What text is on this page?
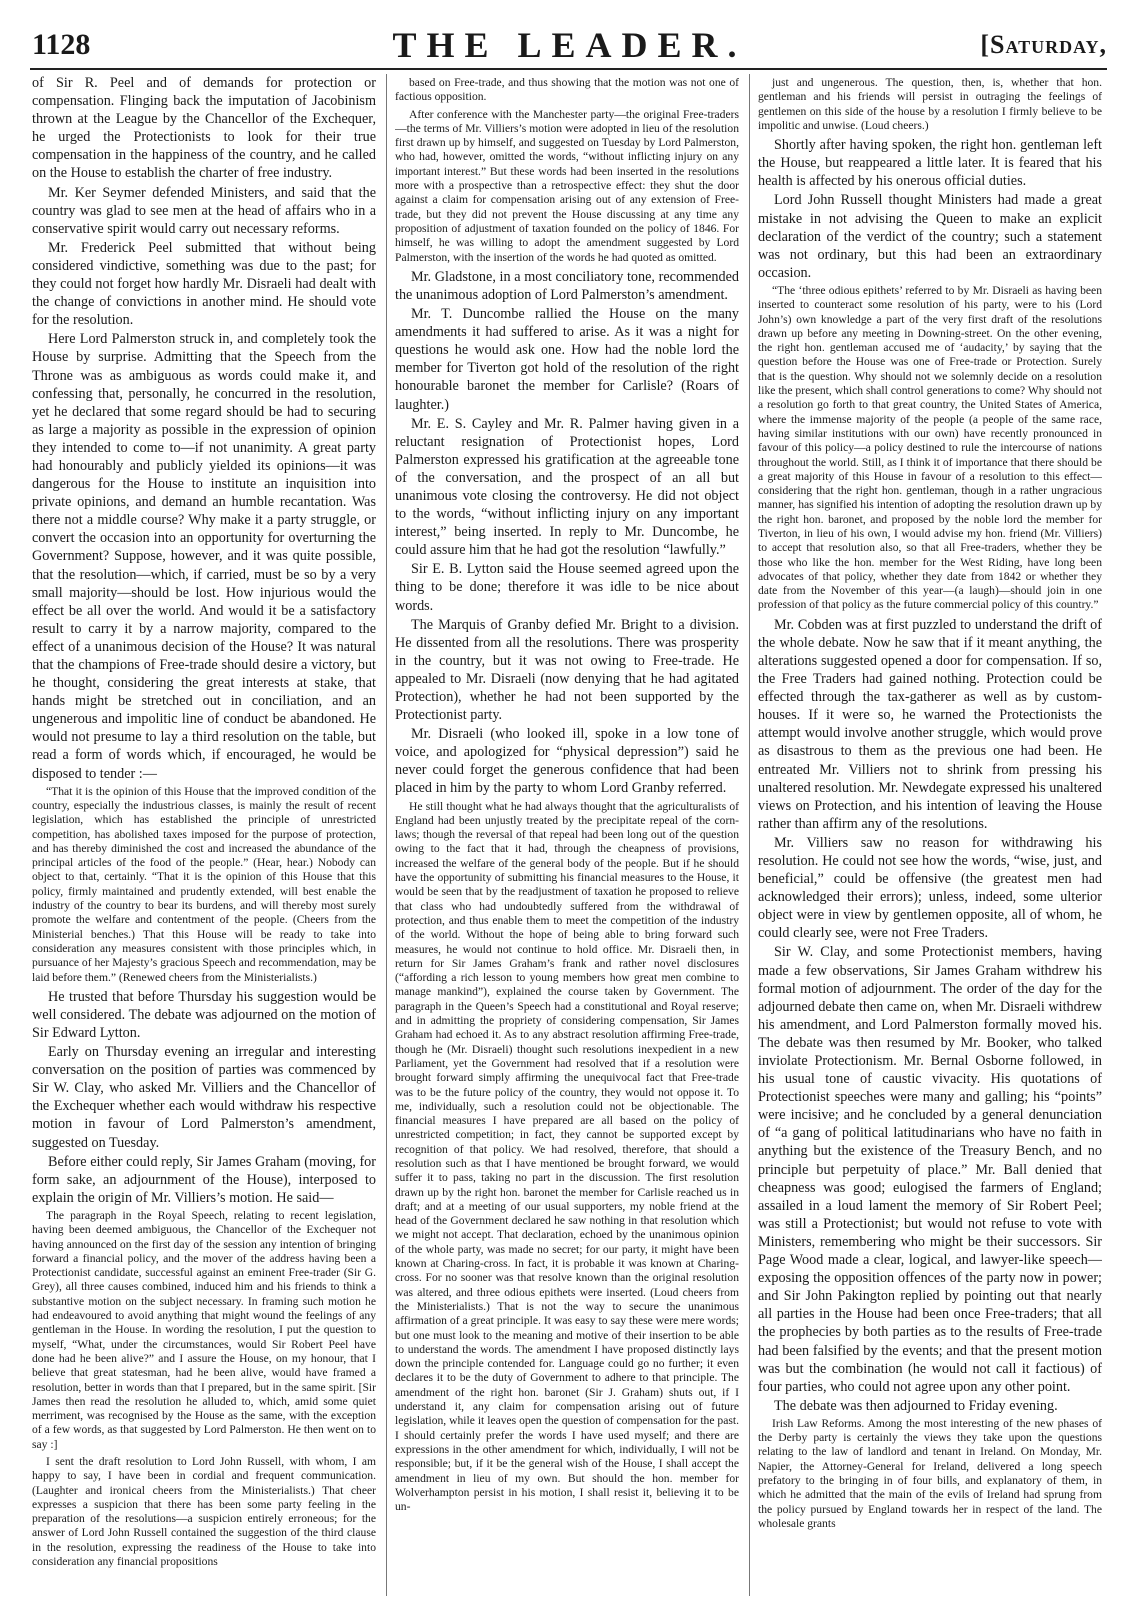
1128	THE LEADER.	[Saturday,

of Sir R. Peel and of demands for protection or compensation. Flinging back the imputation of Jacobinism thrown at the League by the Chancellor of the Exchequer, he urged the Protectionists to look for their true compensation in the happiness of the country, and he called on the House to establish the charter of free industry.

Mr. Ker Seymer defended Ministers, and said that the country was glad to see men at the head of affairs who in a conservative spirit would carry out necessary reforms.

Mr. Frederick Peel submitted that without being considered vindictive, something was due to the past; for they could not forget how hardly Mr. Disraeli had dealt with the change of convictions in another mind. He should vote for the resolution.

Here Lord Palmerston struck in, and completely took the House by surprise. Admitting that the Speech from the Throne was as ambiguous as words could make it, and confessing that, personally, he concurred in the resolution, yet he declared that some regard should be had to securing as large a majority as possible in the expression of opinion they intended to come to—if not unanimity. A great party had honourably and publicly yielded its opinions—it was dangerous for the House to institute an inquisition into private opinions, and demand an humble recantation. Was there not a middle course? Why make it a party struggle, or convert the occasion into an opportunity for overturning the Government? Suppose, however, and it was quite possible, that the resolution—which, if carried, must be so by a very small majority—should be lost. How injurious would the effect be all over the world. And would it be a satisfactory result to carry it by a narrow majority, compared to the effect of a unanimous decision of the House? It was natural that the champions of Free-trade should desire a victory, but he thought, considering the great interests at stake, that hands might be stretched out in conciliation, and an ungenerous and impolitic line of conduct be abandoned. He would not presume to lay a third resolution on the table, but read a form of words which, if encouraged, he would be disposed to tender :—

“That it is the opinion of this House that the improved condition of the country, especially the industrious classes, is mainly the result of recent legislation, which has established the principle of unrestricted competition, has abolished taxes imposed for the purpose of protection, and has thereby diminished the cost and increased the abundance of the principal articles of the food of the people.” (Hear, hear.) Nobody can object to that, certainly. “That it is the opinion of this House that this policy, firmly maintained and prudently extended, will best enable the industry of the country to bear its burdens, and will thereby most surely promote the welfare and contentment of the people. (Cheers from the Ministerial benches.) That this House will be ready to take into consideration any measures consistent with those principles which, in pursuance of her Majesty’s gracious Speech and recommendation, may be laid before them.” (Renewed cheers from the Ministerialists.)

He trusted that before Thursday his suggestion would be well considered. The debate was adjourned on the motion of Sir Edward Lytton.

Early on Thursday evening an irregular and interesting conversation on the position of parties was commenced by Sir W. Clay, who asked Mr. Villiers and the Chancellor of the Exchequer whether each would withdraw his respective motion in favour of Lord Palmerston’s amendment, suggested on Tuesday.

Before either could reply, Sir James Graham (moving, for form sake, an adjournment of the House), interposed to explain the origin of Mr. Villiers’s motion. He said—

The paragraph in the Royal Speech, relating to recent legislation, having been deemed ambiguous, the Chancellor of the Exchequer not having announced on the first day of the session any intention of bringing forward a financial policy, and the mover of the address having been a Protectionist candidate, successful against an eminent Free-trader (Sir G. Grey), all three causes combined, induced him and his friends to think a substantive motion on the subject necessary. In framing such motion he had endeavoured to avoid anything that might wound the feelings of any gentleman in the House. In wording the resolution, I put the question to myself, “What, under the circumstances, would Sir Robert Peel have done had he been alive?” and I assure the House, on my honour, that I believe that great statesman, had he been alive, would have framed a resolution, better in words than that I prepared, but in the same spirit. [Sir James then read the resolution he alluded to, which, amid some quiet merriment, was recognised by the House as the same, with the exception of a few words, as that suggested by Lord Palmerston. He then went on to say :]

I sent the draft resolution to Lord John Russell, with whom, I am happy to say, I have been in cordial and frequent communication. (Laughter and ironical cheers from the Ministerialists.) That cheer expresses a suspicion that there has been some party feeling in the preparation of the resolutions—a suspicion entirely erroneous; for the answer of Lord John Russell contained the suggestion of the third clause in the resolution, expressing the readiness of the House to take into consideration any financial propositions

based on Free-trade, and thus showing that the motion was not one of factious opposition.

After conference with the Manchester party—the original Free-traders—the terms of Mr. Villiers’s motion were adopted in lieu of the resolution first drawn up by himself, and suggested on Tuesday by Lord Palmerston, who had, however, omitted the words, “without inflicting injury on any important interest.” But these words had been inserted in the resolutions more with a prospective than a retrospective effect: they shut the door against a claim for compensation arising out of any extension of Free-trade, but they did not prevent the House discussing at any time any proposition of adjustment of taxation founded on the policy of 1846. For himself, he was willing to adopt the amendment suggested by Lord Palmerston, with the insertion of the words he had quoted as omitted.

Mr. Gladstone, in a most conciliatory tone, recommended the unanimous adoption of Lord Palmerston’s amendment.

Mr. T. Duncombe rallied the House on the many amendments it had suffered to arise. As it was a night for questions he would ask one. How had the noble lord the member for Tiverton got hold of the resolution of the right honourable baronet the member for Carlisle? (Roars of laughter.)

Mr. E. S. Cayley and Mr. R. Palmer having given in a reluctant resignation of Protectionist hopes, Lord Palmerston expressed his gratification at the agreeable tone of the conversation, and the prospect of an all but unanimous vote closing the controversy. He did not object to the words, “without inflicting injury on any important interest,” being inserted. In reply to Mr. Duncombe, he could assure him that he had got the resolution “lawfully.”

Sir E. B. Lytton said the House seemed agreed upon the thing to be done; therefore it was idle to be nice about words.

The Marquis of Granby defied Mr. Bright to a division. He dissented from all the resolutions. There was prosperity in the country, but it was not owing to Free-trade. He appealed to Mr. Disraeli (now denying that he had agitated Protection), whether he had not been supported by the Protectionist party.

Mr. Disraeli (who looked ill, spoke in a low tone of voice, and apologized for “physical depression”) said he never could forget the generous confidence that had been placed in him by the party to whom Lord Granby referred.

He still thought what he had always thought that the agriculturalists of England had been unjustly treated by the precipitate repeal of the corn-laws; though the reversal of that repeal had been long out of the question owing to the fact that it had, through the cheapness of provisions, increased the welfare of the general body of the people. But if he should have the opportunity of submitting his financial measures to the House, it would be seen that by the readjustment of taxation he proposed to relieve that class who had undoubtedly suffered from the withdrawal of protection, and thus enable them to meet the competition of the industry of the world. Without the hope of being able to bring forward such measures, he would not continue to hold office. Mr. Disraeli then, in return for Sir James Graham’s frank and rather novel disclosures (“affording a rich lesson to young members how great men combine to manage mankind”), explained the course taken by Government. The paragraph in the Queen’s Speech had a constitutional and Royal reserve; and in admitting the propriety of considering compensation, Sir James Graham had echoed it. As to any abstract resolution affirming Free-trade, though he (Mr. Disraeli) thought such resolutions inexpedient in a new Parliament, yet the Government had resolved that if a resolution were brought forward simply affirming the unequivocal fact that Free-trade was to be the future policy of the country, they would not oppose it. To me, individually, such a resolution could not be objectionable. The financial measures I have prepared are all based on the policy of unrestricted competition; in fact, they cannot be supported except by recognition of that policy. We had resolved, therefore, that should a resolution such as that I have mentioned be brought forward, we would suffer it to pass, taking no part in the discussion. The first resolution drawn up by the right hon. baronet the member for Carlisle reached us in draft; and at a meeting of our usual supporters, my noble friend at the head of the Government declared he saw nothing in that resolution which we might not accept. That declaration, echoed by the unanimous opinion of the whole party, was made no secret; for our party, it might have been known at Charing-cross. In fact, it is probable it was known at Charing-cross. For no sooner was that resolve known than the original resolution was altered, and three odious epithets were inserted. (Loud cheers from the Ministerialists.) That is not the way to secure the unanimous affirmation of a great principle. It was easy to say these were mere words; but one must look to the meaning and motive of their insertion to be able to understand the words. The amendment I have proposed distinctly lays down the principle contended for. Language could go no further; it even declares it to be the duty of Government to adhere to that principle. The amendment of the right hon. baronet (Sir J. Graham) shuts out, if I understand it, any claim for compensation arising out of future legislation, while it leaves open the question of compensation for the past. I should certainly prefer the words I have used myself; and there are expressions in the other amendment for which, individually, I will not be responsible; but, if it be the general wish of the House, I shall accept the amendment in lieu of my own. But should the hon. member for Wolverhampton persist in his motion, I shall resist it, believing it to be un-

just and ungenerous. The question, then, is, whether that hon. gentleman and his friends will persist in outraging the feelings of gentlemen on this side of the house by a resolution I firmly believe to be impolitic and unwise. (Loud cheers.)

Shortly after having spoken, the right hon. gentleman left the House, but reappeared a little later. It is feared that his health is affected by his onerous official duties.

Lord John Russell thought Ministers had made a great mistake in not advising the Queen to make an explicit declaration of the verdict of the country; such a statement was not ordinary, but this had been an extraordinary occasion.

“The ‘three odious epithets’ referred to by Mr. Disraeli as having been inserted to counteract some resolution of his party, were to his (Lord John’s) own knowledge a part of the very first draft of the resolutions drawn up before any meeting in Downing-street. On the other evening, the right hon. gentleman accused me of ‘audacity,’ by saying that the question before the House was one of Free-trade or Protection. Surely that is the question. Why should not we solemnly decide on a resolution like the present, which shall control generations to come? Why should not a resolution go forth to that great country, the United States of America, where the immense majority of the people (a people of the same race, having similar institutions with our own) have recently pronounced in favour of this policy—a policy destined to rule the intercourse of nations throughout the world. Still, as I think it of importance that there should be a great majority of this House in favour of a resolution to this effect—considering that the right hon. gentleman, though in a rather ungracious manner, has signified his intention of adopting the resolution drawn up by the right hon. baronet, and proposed by the noble lord the member for Tiverton, in lieu of his own, I would advise my hon. friend (Mr. Villiers) to accept that resolution also, so that all Free-traders, whether they be those who like the hon. member for the West Riding, have long been advocates of that policy, whether they date from 1842 or whether they date from the November of this year—(a laugh)—should join in one profession of that policy as the future commercial policy of this country.”

Mr. Cobden was at first puzzled to understand the drift of the whole debate. Now he saw that if it meant anything, the alterations suggested opened a door for compensation. If so, the Free Traders had gained nothing. Protection could be effected through the tax-gatherer as well as by custom-houses. If it were so, he warned the Protectionists the attempt would involve another struggle, which would prove as disastrous to them as the previous one had been. He entreated Mr. Villiers not to shrink from pressing his unaltered resolution. Mr. Newdegate expressed his unaltered views on Protection, and his intention of leaving the House rather than affirm any of the resolutions.

Mr. Villiers saw no reason for withdrawing his resolution. He could not see how the words, “wise, just, and beneficial,” could be offensive (the greatest men had acknowledged their errors); unless, indeed, some ulterior object were in view by gentlemen opposite, all of whom, he could clearly see, were not Free Traders.

Sir W. Clay, and some Protectionist members, having made a few observations, Sir James Graham withdrew his formal motion of adjournment. The order of the day for the adjourned debate then came on, when Mr. Disraeli withdrew his amendment, and Lord Palmerston formally moved his. The debate was then resumed by Mr. Booker, who talked inviolate Protectionism. Mr. Bernal Osborne followed, in his usual tone of caustic vivacity. His quotations of Protectionist speeches were many and galling; his “points” were incisive; and he concluded by a general denunciation of “a gang of political latitudinarians who have no faith in anything but the existence of the Treasury Bench, and no principle but perpetuity of place.” Mr. Ball denied that cheapness was good; eulogised the farmers of England; assailed in a loud lament the memory of Sir Robert Peel; was still a Protectionist; but would not refuse to vote with Ministers, remembering who might be their successors. Sir Page Wood made a clear, logical, and lawyer-like speech—exposing the opposition offences of the party now in power; and Sir John Pakington replied by pointing out that nearly all parties in the House had been once Free-traders; that all the prophecies by both parties as to the results of Free-trade had been falsified by the events; and that the present motion was but the combination (he would not call it factious) of four parties, who could not agree upon any other point.

The debate was then adjourned to Friday evening.

Irish Law Reforms. Among the most interesting of the new phases of the Derby party is certainly the views they take upon the questions relating to the law of landlord and tenant in Ireland. On Monday, Mr. Napier, the Attorney-General for Ireland, delivered a long speech prefatory to the bringing in of four bills, and explanatory of them, in which he admitted that the main of the evils of Ireland had sprung from the policy pursued by England towards her in respect of the land. The wholesale grants
